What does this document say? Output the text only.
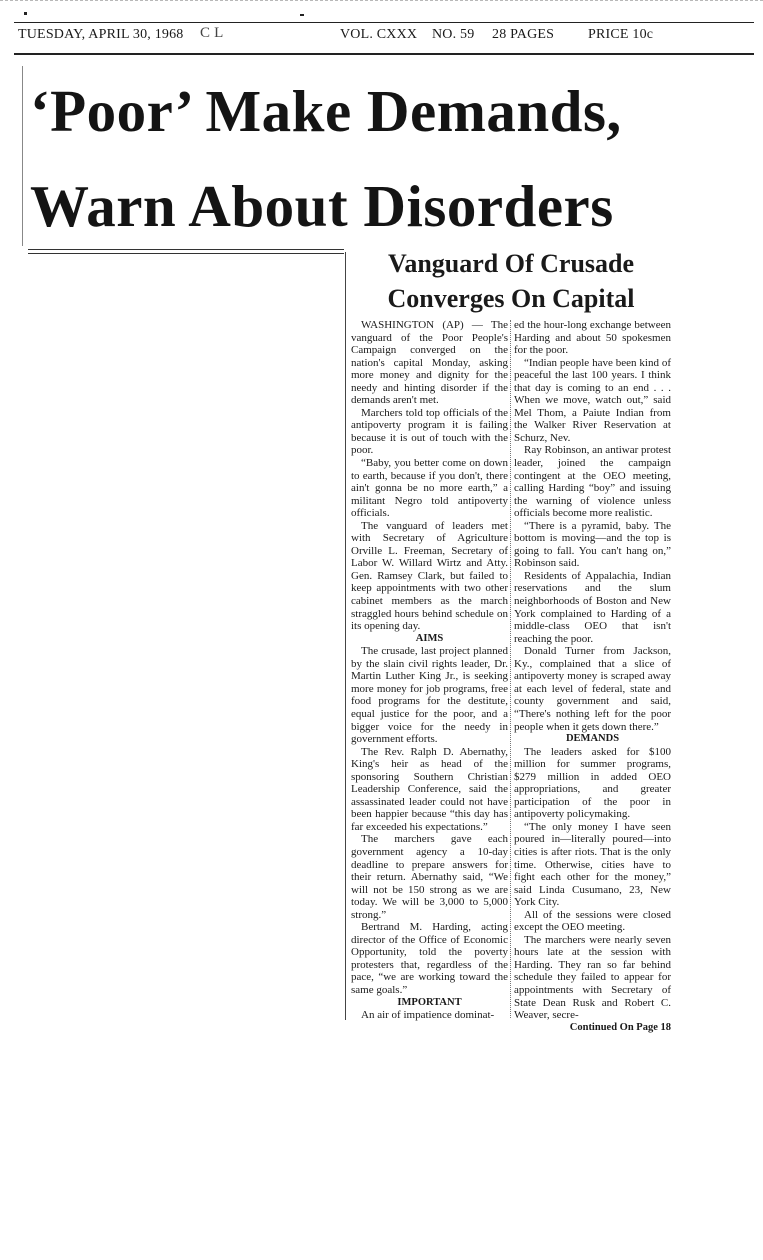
TUESDAY, APRIL 30, 1968 C L	VOL. CXXX NO. 59 28 PAGES PRICE 10c
‘Poor’ Make Demands,
Warn About Disorders
Vanguard Of Crusade
Converges On Capital

WASHINGTON (AP) — The vanguard of the Poor People's Campaign converged on the nation's capital Monday, asking more money and dignity for the needy and hinting disorder if the demands aren't met.

Marchers told top officials of the antipoverty program it is failing because it is out of touch with the poor.

“Baby, you better come on down to earth, because if you don't, there ain't gonna be no more earth,” a militant Negro told antipoverty officials.

The vanguard of leaders met with Secretary of Agriculture Orville L. Freeman, Secretary of Labor W. Willard Wirtz and Atty. Gen. Ramsey Clark, but failed to keep appointments with two other cabinet members as the march straggled hours behind schedule on its opening day.

AIMS

The crusade, last project planned by the slain civil rights leader, Dr. Martin Luther King Jr., is seeking more money for job programs, free food programs for the destitute, equal justice for the poor, and a bigger voice for the needy in government efforts.

The Rev. Ralph D. Abernathy, King's heir as head of the sponsoring Southern Christian Leadership Conference, said the assassinated leader could not have been happier because “this day has far exceeded his expectations.”

The marchers gave each government agency a 10-day deadline to prepare answers for their return. Abernathy said, “We will not be 150 strong as we are today. We will be 3,000 to 5,000 strong.”

Bertrand M. Harding, acting director of the Office of Economic Opportunity, told the poverty protesters that, regardless of the pace, “we are working toward the same goals.”

IMPORTANT

An air of impatience dominat-

ed the hour-long exchange between Harding and about 50 spokesmen for the poor.

“Indian people have been kind of peaceful the last 100 years. I think that day is coming to an end . . . When we move, watch out,” said Mel Thom, a Paiute Indian from the Walker River Reservation at Schurz, Nev.

Ray Robinson, an antiwar protest leader, joined the campaign contingent at the OEO meeting, calling Harding “boy” and issuing the warning of violence unless officials become more realistic.

“There is a pyramid, baby. The bottom is moving—and the top is going to fall. You can't hang on,” Robinson said.

Residents of Appalachia, Indian reservations and the slum neighborhoods of Boston and New York complained to Harding of a middle-class OEO that isn't reaching the poor.

Donald Turner from Jackson, Ky., complained that a slice of antipoverty money is scraped away at each level of federal, state and county government and said, “There's nothing left for the poor people when it gets down there.”

DEMANDS

The leaders asked for $100 million for summer programs, $279 million in added OEO appropriations, and greater participation of the poor in antipoverty policymaking.

“The only money I have seen poured in—literally poured—into cities is after riots. That is the only time. Otherwise, cities have to fight each other for the money,” said Linda Cusumano, 23, New York City.

All of the sessions were closed except the OEO meeting.

The marchers were nearly seven hours late at the session with Harding. They ran so far behind schedule they failed to appear for appointments with Secretary of State Dean Rusk and Robert C. Weaver, secre-

Continued On Page 18
